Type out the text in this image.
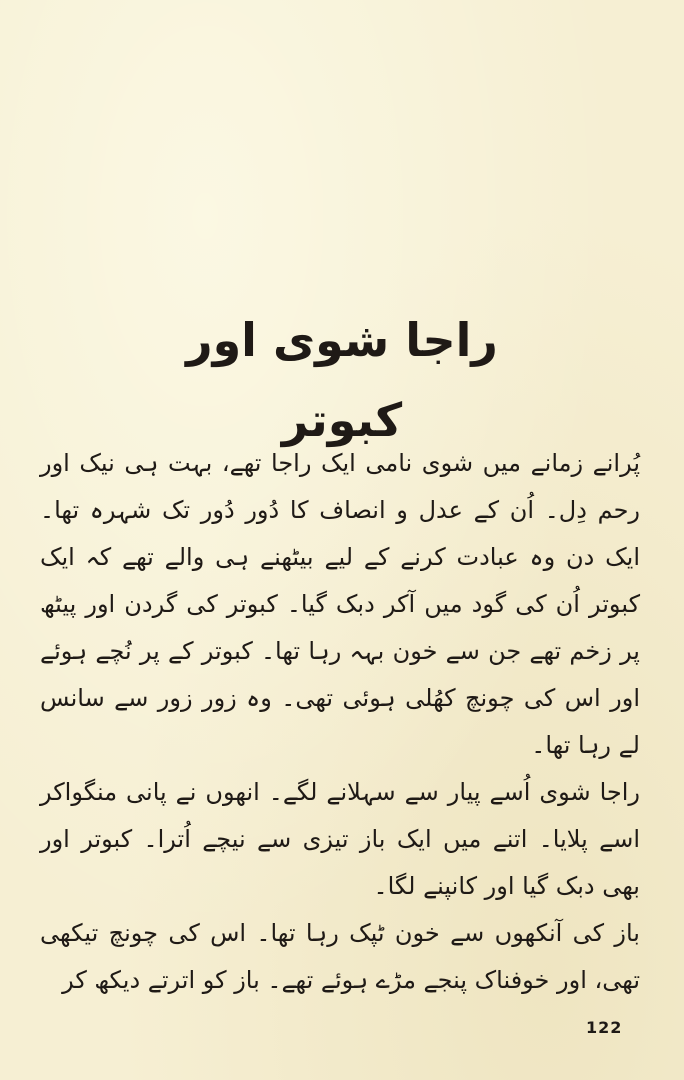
راجا شوی اور کبوتر

پُرانے زمانے میں شوی نامی ایک راجا تھے، بہت ہی نیک اور رحم دِل۔ اُن کے عدل و انصاف کا دُور دُور تک شہرہ تھا۔ ایک دن وہ عبادت کرنے کے لیے بیٹھنے ہی والے تھے کہ ایک کبوتر اُن کی گود میں آکر دبک گیا۔ کبوتر کی گردن اور پیٹھ پر زخم تھے جن سے خون بہہ رہا تھا۔ کبوتر کے پر نُچے ہوئے اور اس کی چونچ کھُلی ہوئی تھی۔ وہ زور زور سے سانس لے رہا تھا۔

راجا شوی اُسے پیار سے سہلانے لگے۔ انھوں نے پانی منگواکر اسے پلایا۔ اتنے میں ایک باز تیزی سے نیچے اُترا۔ کبوتر اور بھی دبک گیا اور کانپنے لگا۔

باز کی آنکھوں سے خون ٹپک رہا تھا۔ اس کی چونچ تیکھی تھی، اور خوفناک پنجے مڑے ہوئے تھے۔ باز کو اترتے دیکھ کر

122
